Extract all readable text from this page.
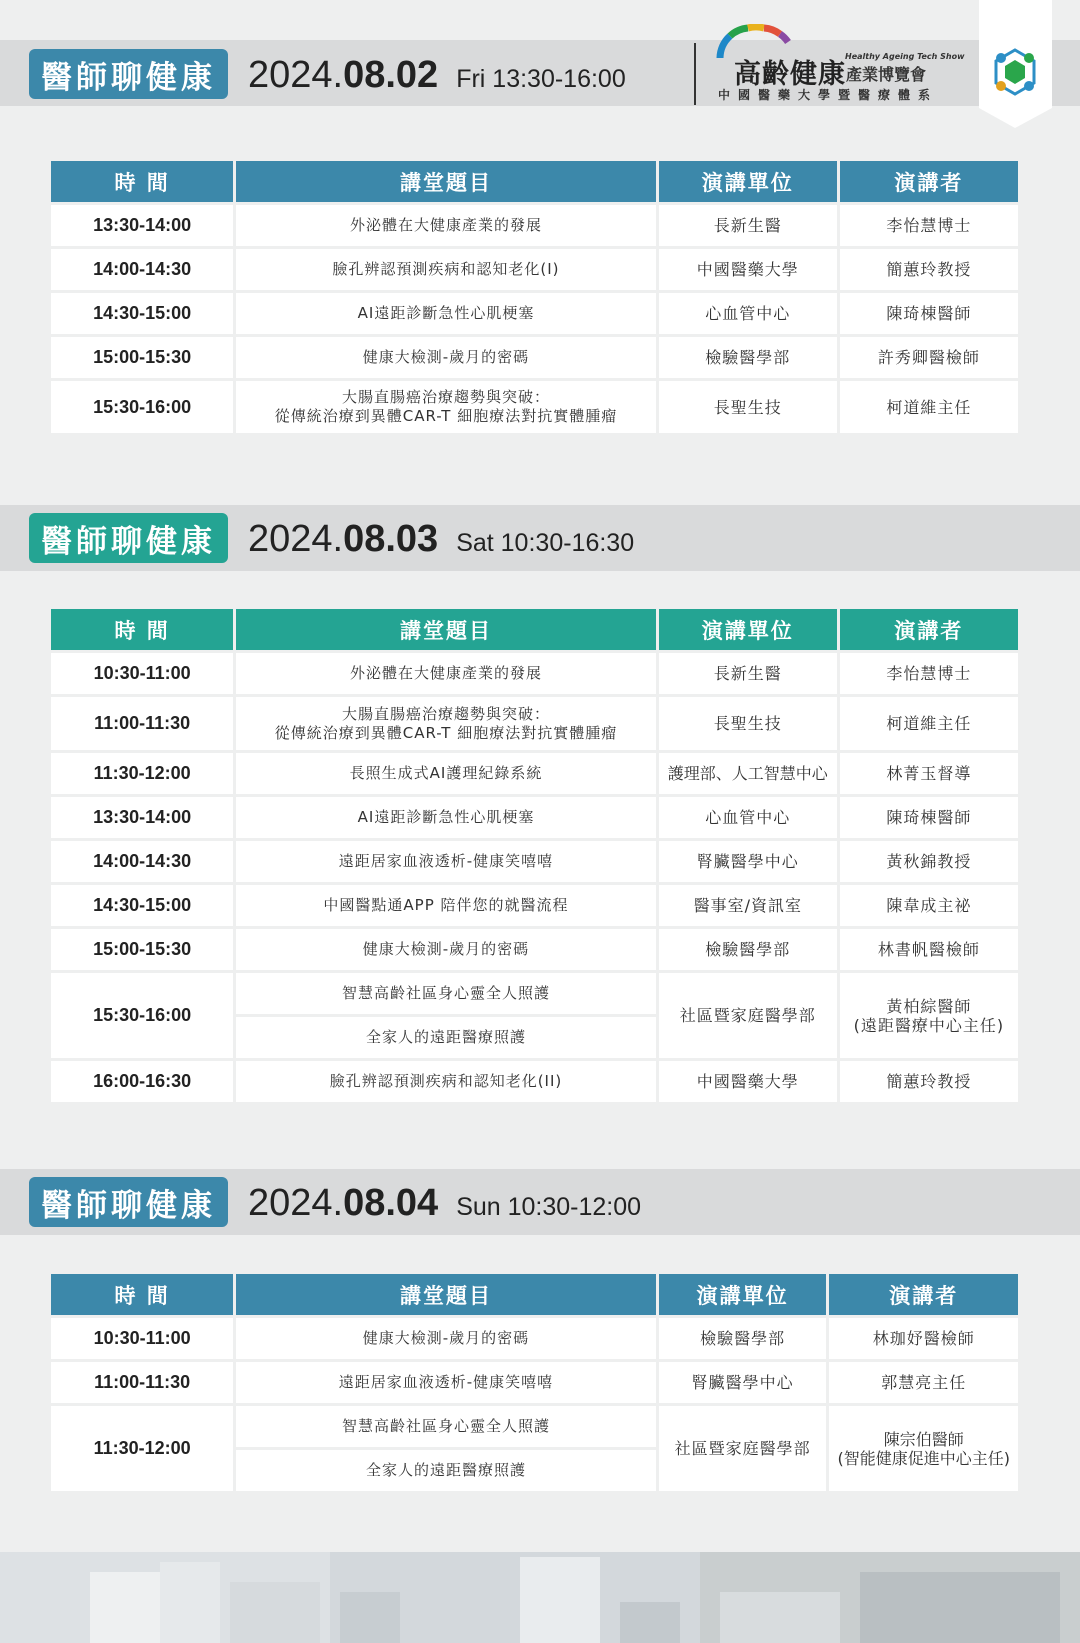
醫師聊健康 2024.08.02 Fri 13:30-16:00	高齡健康
Healthy Ageing Tech Show
產業博覽會
中國醫藥大學暨醫療體系
時 間	講堂題目	演講單位	演講者
13:30-14:00	外泌體在大健康產業的發展	長新生醫	李怡慧博士
14:00-14:30	臉孔辨認預測疾病和認知老化(I)	中國醫藥大學	簡蕙玲教授
14:30-15:00	AI遠距診斷急性心肌梗塞	心血管中心	陳琦棟醫師
15:00-15:30	健康大檢測-歲月的密碼	檢驗醫學部	許秀卿醫檢師
15:30-16:00	大腸直腸癌治療趨勢與突破：
從傳統治療到異體CAR-T 細胞療法對抗實體腫瘤	長聖生技	柯道維主任
醫師聊健康 2024.08.03 Sat 10:30-16:30
時 間	講堂題目	演講單位	演講者
10:30-11:00	外泌體在大健康產業的發展	長新生醫	李怡慧博士
11:00-11:30	大腸直腸癌治療趨勢與突破：
從傳統治療到異體CAR-T 細胞療法對抗實體腫瘤	長聖生技	柯道維主任
11:30-12:00	長照生成式AI護理紀錄系統	護理部、人工智慧中心	林菁玉督導
13:30-14:00	AI遠距診斷急性心肌梗塞	心血管中心	陳琦棟醫師
14:00-14:30	遠距居家血液透析-健康笑嘻嘻	腎臟醫學中心	黃秋錦教授
14:30-15:00	中國醫點通APP 陪伴您的就醫流程	醫事室/資訊室	陳韋成主祕
15:00-15:30	健康大檢測-歲月的密碼	檢驗醫學部	林書帆醫檢師
15:30-16:00	智慧高齡社區身心靈全人照護	社區暨家庭醫學部	黃柏綜醫師
(遠距醫療中心主任)
	全家人的遠距醫療照護		
16:00-16:30	臉孔辨認預測疾病和認知老化(II)	中國醫藥大學	簡蕙玲教授
醫師聊健康 2024.08.04 Sun 10:30-12:00
時 間	講堂題目	演講單位	演講者
10:30-11:00	健康大檢測-歲月的密碼	檢驗醫學部	林珈妤醫檢師
11:00-11:30	遠距居家血液透析-健康笑嘻嘻	腎臟醫學中心	郭慧亮主任
11:30-12:00	智慧高齡社區身心靈全人照護	社區暨家庭醫學部	陳宗伯醫師
(智能健康促進中心主任)
	全家人的遠距醫療照護		
